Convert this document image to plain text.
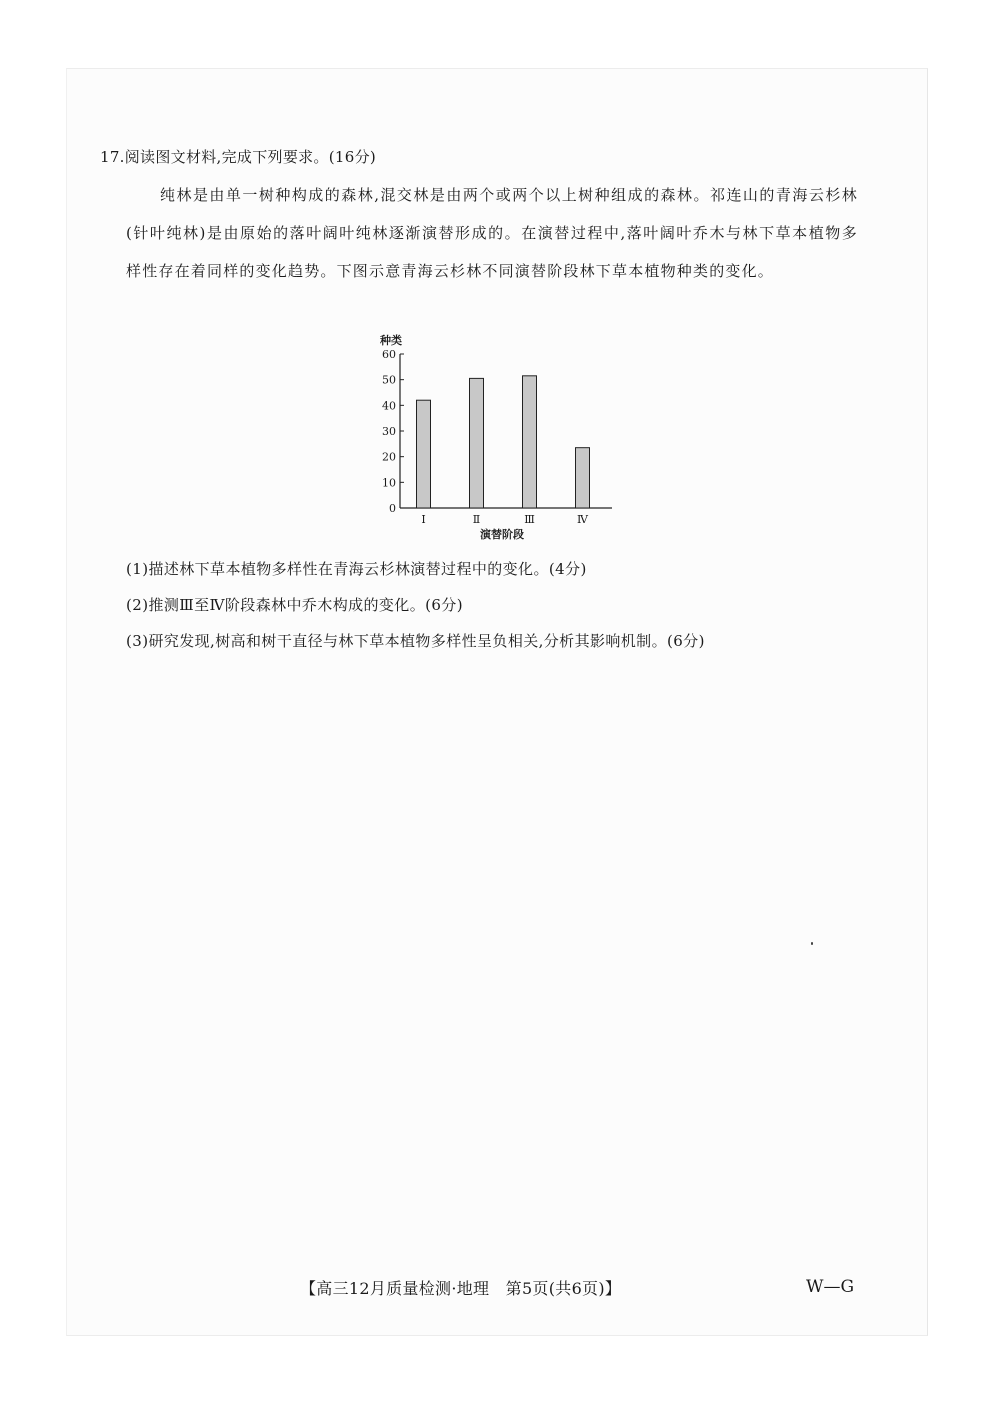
17.阅读图文材料,完成下列要求。(16分)
纯林是由单一树种构成的森林,混交林是由两个或两个以上树种组成的森林。祁连山的青海云杉林(针叶纯林)是由原始的落叶阔叶纯林逐渐演替形成的。在演替过程中,落叶阔叶乔木与林下草本植物多样性存在着同样的变化趋势。下图示意青海云杉林不同演替阶段林下草本植物种类的变化。
0
10
20
30
40
50
60
种类
Ⅰ	Ⅱ	Ⅲ	Ⅳ
演替阶段
(1)描述林下草本植物多样性在青海云杉林演替过程中的变化。(4分)
(2)推测Ⅲ至Ⅳ阶段森林中乔木构成的变化。(6分)
(3)研究发现,树高和树干直径与林下草本植物多样性呈负相关,分析其影响机制。(6分)
【高三12月质量检测·地理　第5页(共6页)】	W—G
